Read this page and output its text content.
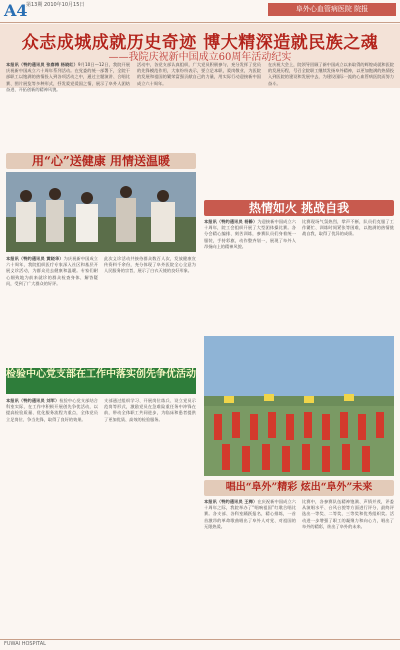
A4
第13期 2010年10月15日	阜外心血管病医院 院报
众志成城成就历史奇迹 博大精深造就民族之魂
——我院庆祝新中国成立60周年活动纪实
本报讯（特约通讯员 张春梅 杨晓红）9月10日—12日，我院开展庆祝新中国成立六十周年系列活动。在党委的统一部署下，全院干部职工以饱满的热情投入到各项活动之中，通过主题演讲、合唱比赛、图片展览等多种形式，抒发爱党爱国之情，展示了阜外人团结奋进、开拓创新的精神风貌。
活动中，各党支部认真组织，广大党员积极参与，充分发挥了党员的先锋模范作用，大家纷纷表示，要立足本职，爱岗敬业，为医院的发展和祖国的繁荣富强贡献自己的力量，用实际行动迎接新中国成立六十周年。
在庆祝大会上，院领导回顾了新中国成立以来取得的辉煌成就和医院的发展历程，号召全院职工继续发扬阜外精神，以更加饱满的热情投入到医院的建设和发展中去，为建设国际一流的心血管病医院而努力奋斗。
用“心”送健康 用情送温暖
本报讯（特约通讯员 黄晓华）为庆祝新中国成立六十周年，我院组织医疗专家深入社区和基层开展义诊活动，为群众送去健康和温暖。专家们耐心细致地为前来就诊的群众检查身体、解答疑问，受到了广大群众的好评。
此次义诊活动共接待群众数百人次，发放健康宣传资料千余份，充分体现了阜外医院全心全意为人民服务的宗旨，展示了白衣天使的良好形象。
检验中心党支部在工作中落实创先争优活动
本报讯（特约通讯员 刘军）检验中心党支部结合科室实际，在工作中积极开展创先争优活动，以提高检验质量、优化服务流程为重点，全体党员立足岗位、争当先锋，取得了良好的效果。
支部通过组织学习、开展岗位练兵、设立党员示范岗等形式，激励党员在急难险重任务中冲锋在前，带动全体职工共同进步，为临床和患者提供了更加优质、高效的检验服务。
热情如火 挑战自我
本报讯（特约通讯员 杨静）为迎接新中国成立六十周年，院工会组织开展了大型团体操比赛。各分会精心编排、刻苦训练，参赛队员们身着统一服装，手持彩旗，动作整齐划一，展现了阜外人昂扬向上的精神风貌。
比赛现场气氛热烈，掌声不断，队员们克服了工作繁忙、训练时间紧张等困难，以饱满的热情挑战自我，取得了优异的成绩。
唱出“阜外”精彩 炫出“阜外”未来
本报讯（特约通讯员 王梅）在庆祝新中国成立六十周年之际，我院举办了“唱响祖国”红歌合唱比赛。各支部、各科室踊跃报名，精心排练，一首首激昂的革命歌曲唱出了阜外人对党、对祖国的无限热爱。
比赛中，各参赛队伍精神饱满、声情并茂，评委从演唱水平、台风台貌等方面进行评分，最终评选出一等奖、二等奖、三等奖和优秀组织奖。活动进一步增强了职工的凝聚力和向心力，唱出了阜外的精彩，炫出了阜外的未来。
FUWAI HOSPITAL
